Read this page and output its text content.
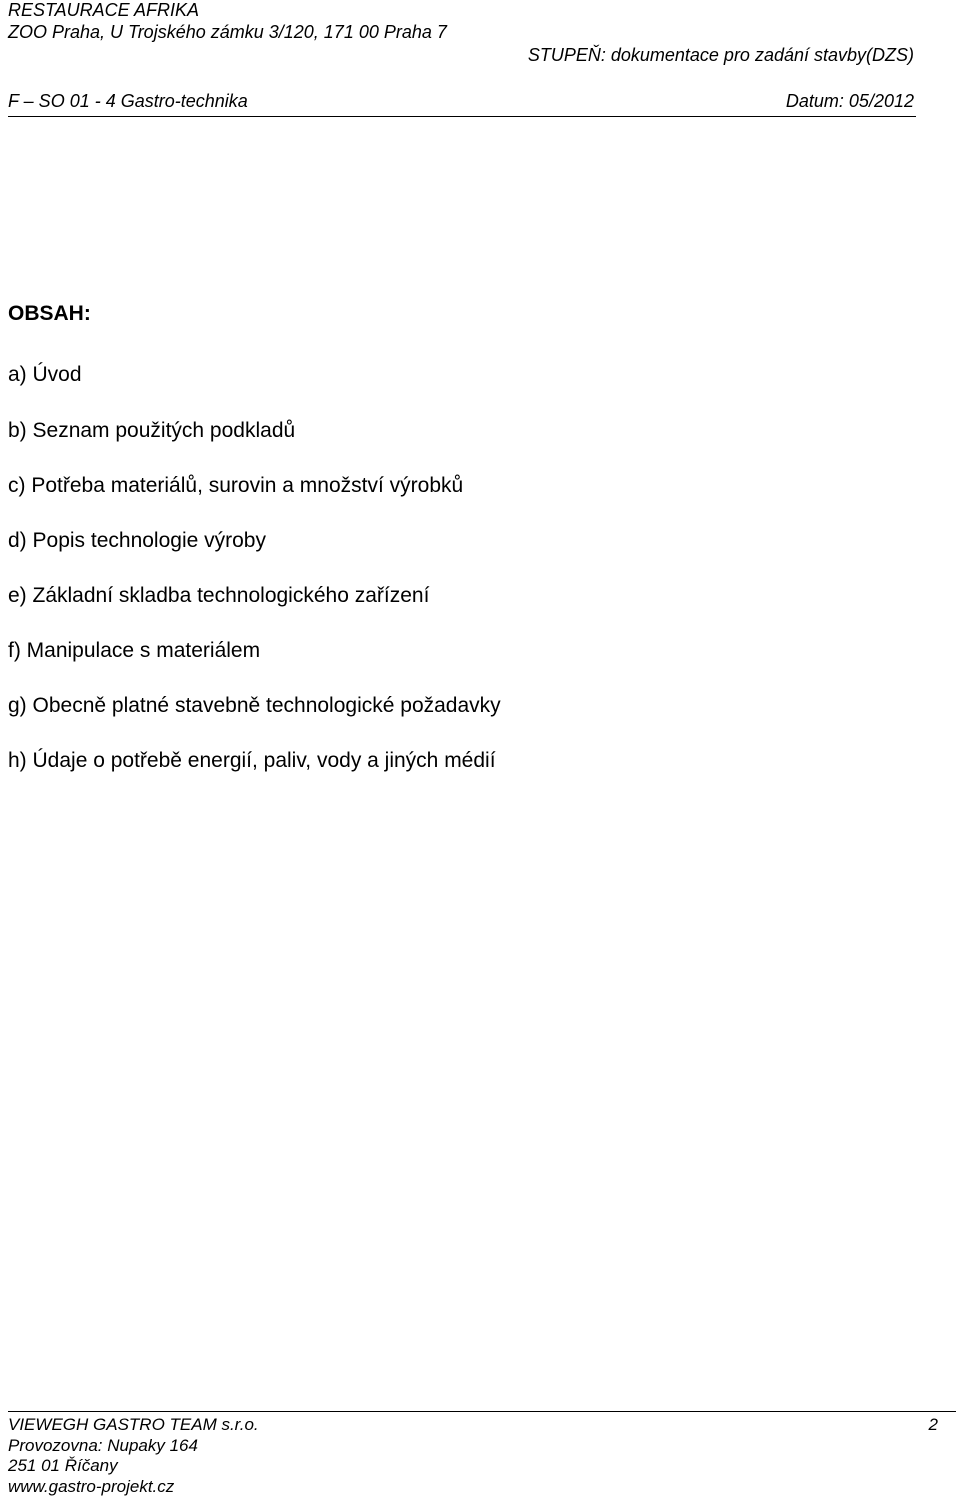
RESTAURACE AFRIKA
ZOO Praha, U Trojského zámku 3/120, 171 00 Praha 7
STUPEŇ: dokumentace pro zadání stavby(DZS)
F – SO 01 - 4 Gastro-technika	Datum: 05/2012
OBSAH:
a) Úvod
b) Seznam použitých podkladů
c) Potřeba materiálů, surovin a množství výrobků
d) Popis technologie výroby
e) Základní skladba technologického zařízení
f) Manipulace s materiálem
g) Obecně platné stavebně technologické požadavky
h) Údaje o potřebě energií, paliv, vody a jiných médií
VIEWEGH GASTRO TEAM s.r.o.	2
Provozovna: Nupaky 164
251 01 Říčany
www.gastro-projekt.cz
